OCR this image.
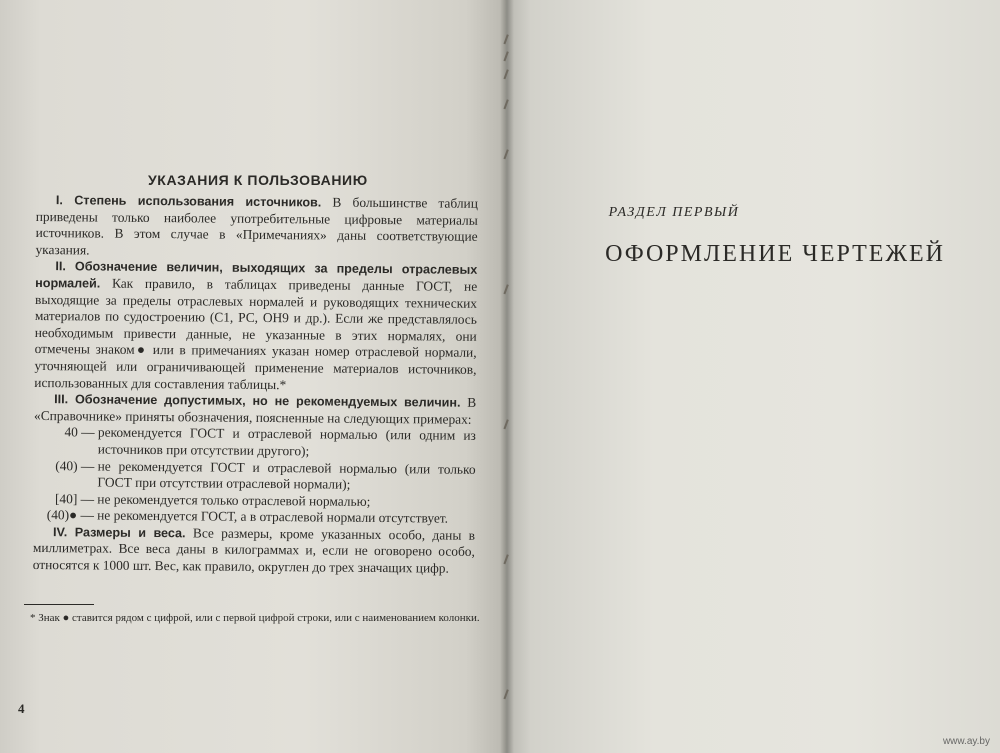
УКАЗАНИЯ К ПОЛЬЗОВАНИЮ

I. Степень использования источников. В большинстве таблиц приведены только наиболее употребительные цифровые материалы источников. В этом случае в «Примечаниях» даны соответствующие указания.

II. Обозначение величин, выходящих за пределы отраслевых нормалей. Как правило, в таблицах приведены данные ГОСТ, не выходящие за пределы отраслевых нормалей и руководящих технических материалов по судостроению (С1, РС, ОН9 и др.). Если же представлялось необходимым привести данные, не указанные в этих нормалях, они отмечены знаком● или в примечаниях указан номер отраслевой нормали, уточняющей или ограничивающей применение материалов источников, использованных для составления таблицы.*

III. Обозначение допустимых, но не рекомендуемых величин. В «Справочнике» приняты обозначения, поясненные на следующих примерах:

40 — рекомендуется ГОСТ и отраслевой нормалью (или одним из источников при отсутствии другого);
(40) — не рекомендуется ГОСТ и отраслевой нормалью (или только ГОСТ при отсутствии отраслевой нормали);
[40] — не рекомендуется только отраслевой нормалью;
(40)● — не рекомендуется ГОСТ, а в отраслевой нормали отсутствует.

IV. Размеры и веса. Все размеры, кроме указанных особо, даны в миллиметрах. Все веса даны в килограммах и, если не оговорено особо, относятся к 1000 шт. Вес, как правило, округлен до трех значащих цифр.

* Знак ● ставится рядом с цифрой, или с первой цифрой строки, или с наименованием колонки.
4
РАЗДЕЛ ПЕРВЫЙ
ОФОРМЛЕНИЕ ЧЕРТЕЖЕЙ
www.ay.by
